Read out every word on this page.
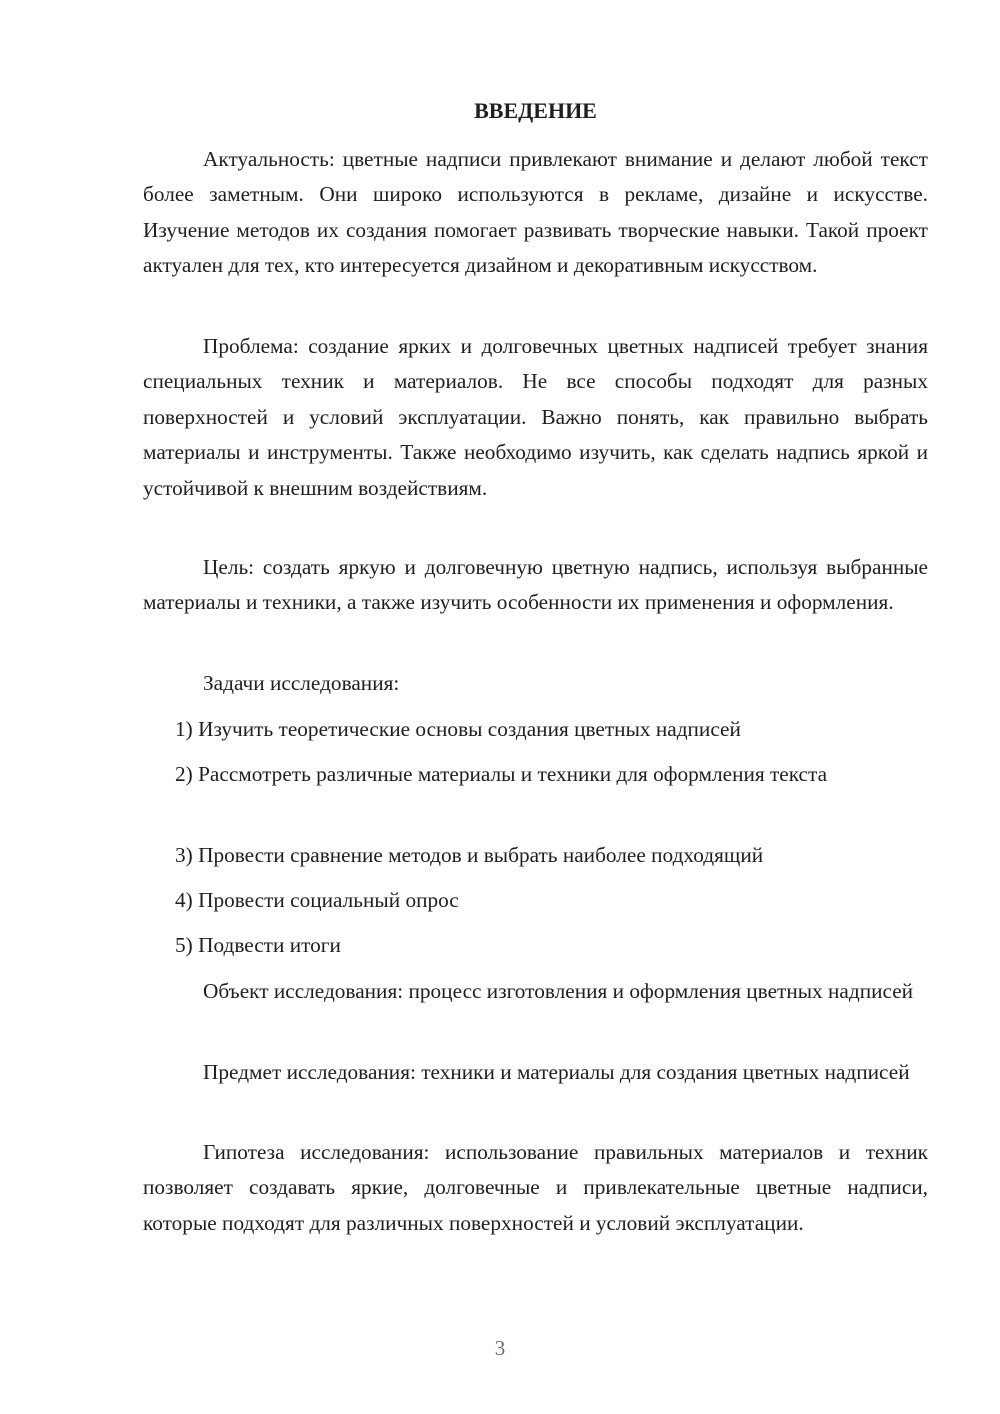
ВВЕДЕНИЕ

Актуальность: цветные надписи привлекают внимание и делают любой текст более заметным. Они широко используются в рекламе, дизайне и искусстве. Изучение методов их создания помогает развивать творческие навыки. Такой проект актуален для тех, кто интересуется дизайном и декоративным искусством.

Проблема: создание ярких и долговечных цветных надписей требует знания специальных техник и материалов. Не все способы подходят для разных поверхностей и условий эксплуатации. Важно понять, как правильно выбрать материалы и инструменты. Также необходимо изучить, как сделать надпись яркой и устойчивой к внешним воздействиям.

Цель: создать яркую и долговечную цветную надпись, используя выбранные материалы и техники, а также изучить особенности их применения и оформления.

Задачи исследования:

1) Изучить теоретические основы создания цветных надписей

2) Рассмотреть различные материалы и техники для оформления текста

3) Провести сравнение методов и выбрать наиболее подходящий

4) Провести социальный опрос

5) Подвести итоги

Объект исследования: процесс изготовления и оформления цветных надписей

Предмет исследования: техники и материалы для создания цветных надписей

Гипотеза исследования: использование правильных материалов и техник позволяет создавать яркие, долговечные и привлекательные цветные надписи, которые подходят для различных поверхностей и условий эксплуатации.

3
